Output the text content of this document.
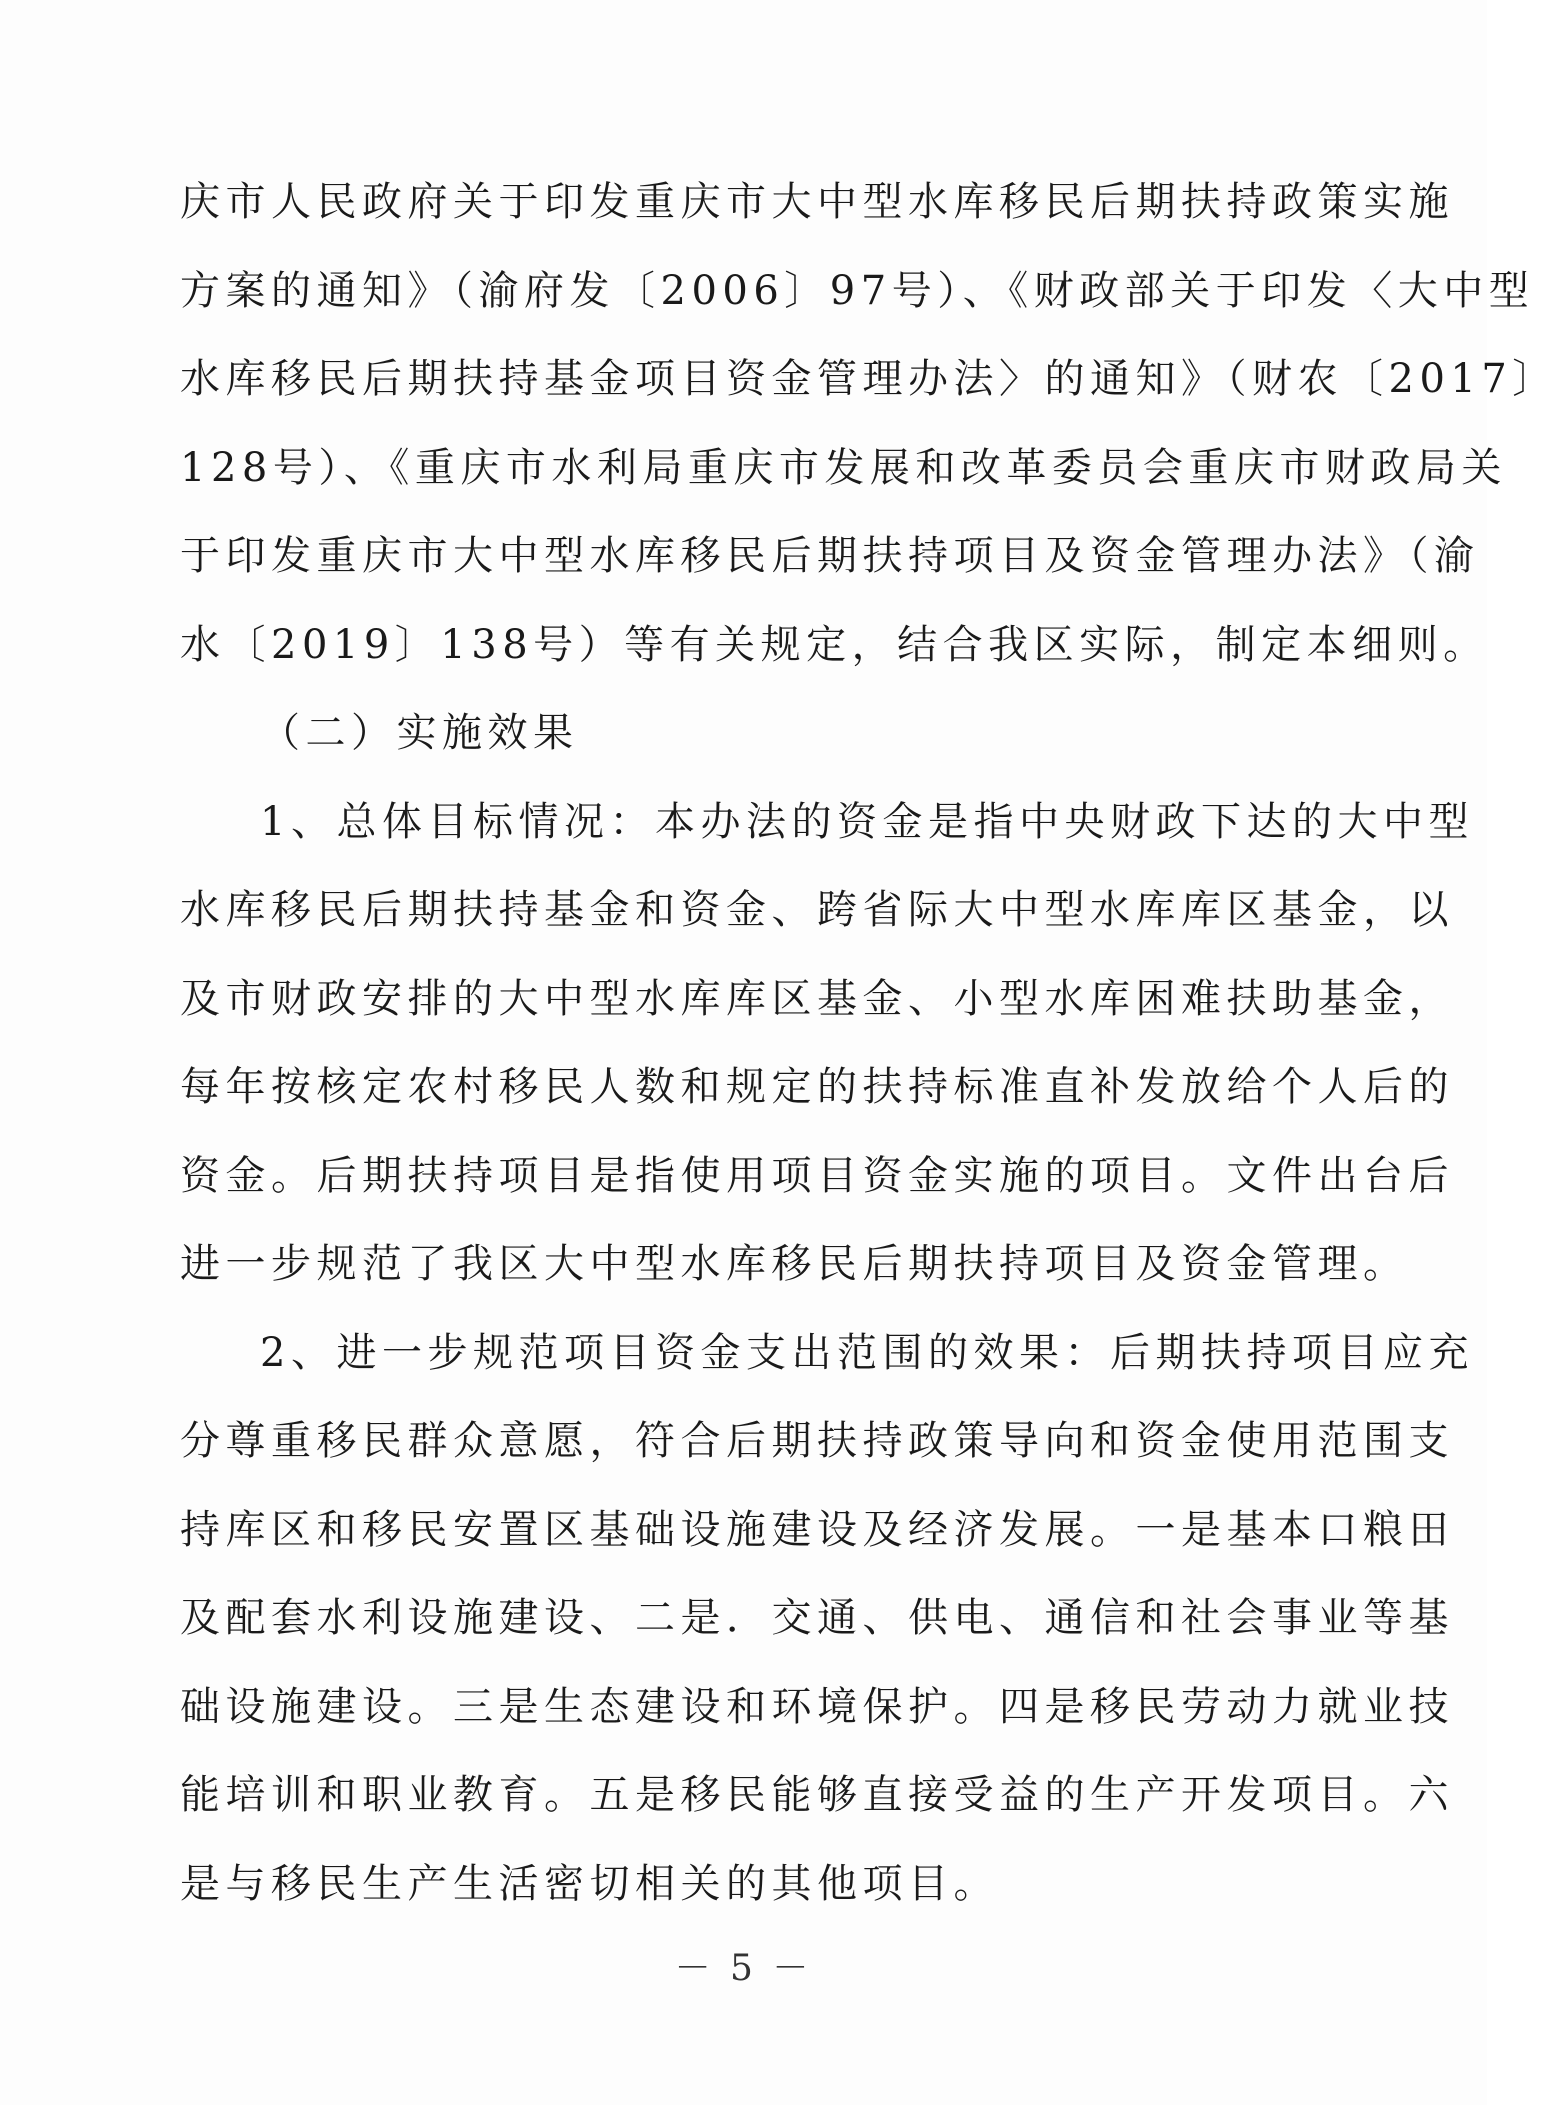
庆市人民政府关于印发重庆市大中型水库移民后期扶持政策实施
方案的通知》（渝府发〔2006〕97号）、《财政部关于印发〈大中型
水库移民后期扶持基金项目资金管理办法〉的通知》（财农〔2017〕
128号）、《重庆市水利局重庆市发展和改革委员会重庆市财政局关
于印发重庆市大中型水库移民后期扶持项目及资金管理办法》（渝
水〔2019〕138号）等有关规定，结合我区实际，制定本细则。
（二）实施效果
1、总体目标情况：本办法的资金是指中央财政下达的大中型
水库移民后期扶持基金和资金、跨省际大中型水库库区基金，以
及市财政安排的大中型水库库区基金、小型水库困难扶助基金，
每年按核定农村移民人数和规定的扶持标准直补发放给个人后的
资金。后期扶持项目是指使用项目资金实施的项目。文件出台后
进一步规范了我区大中型水库移民后期扶持项目及资金管理。
2、进一步规范项目资金支出范围的效果：后期扶持项目应充
分尊重移民群众意愿，符合后期扶持政策导向和资金使用范围支
持库区和移民安置区基础设施建设及经济发展。一是基本口粮田
及配套水利设施建设、二是．交通、供电、通信和社会事业等基
础设施建设。三是生态建设和环境保护。四是移民劳动力就业技
能培训和职业教育。五是移民能够直接受益的生产开发项目。六
是与移民生产生活密切相关的其他项目。
－ 5 －
